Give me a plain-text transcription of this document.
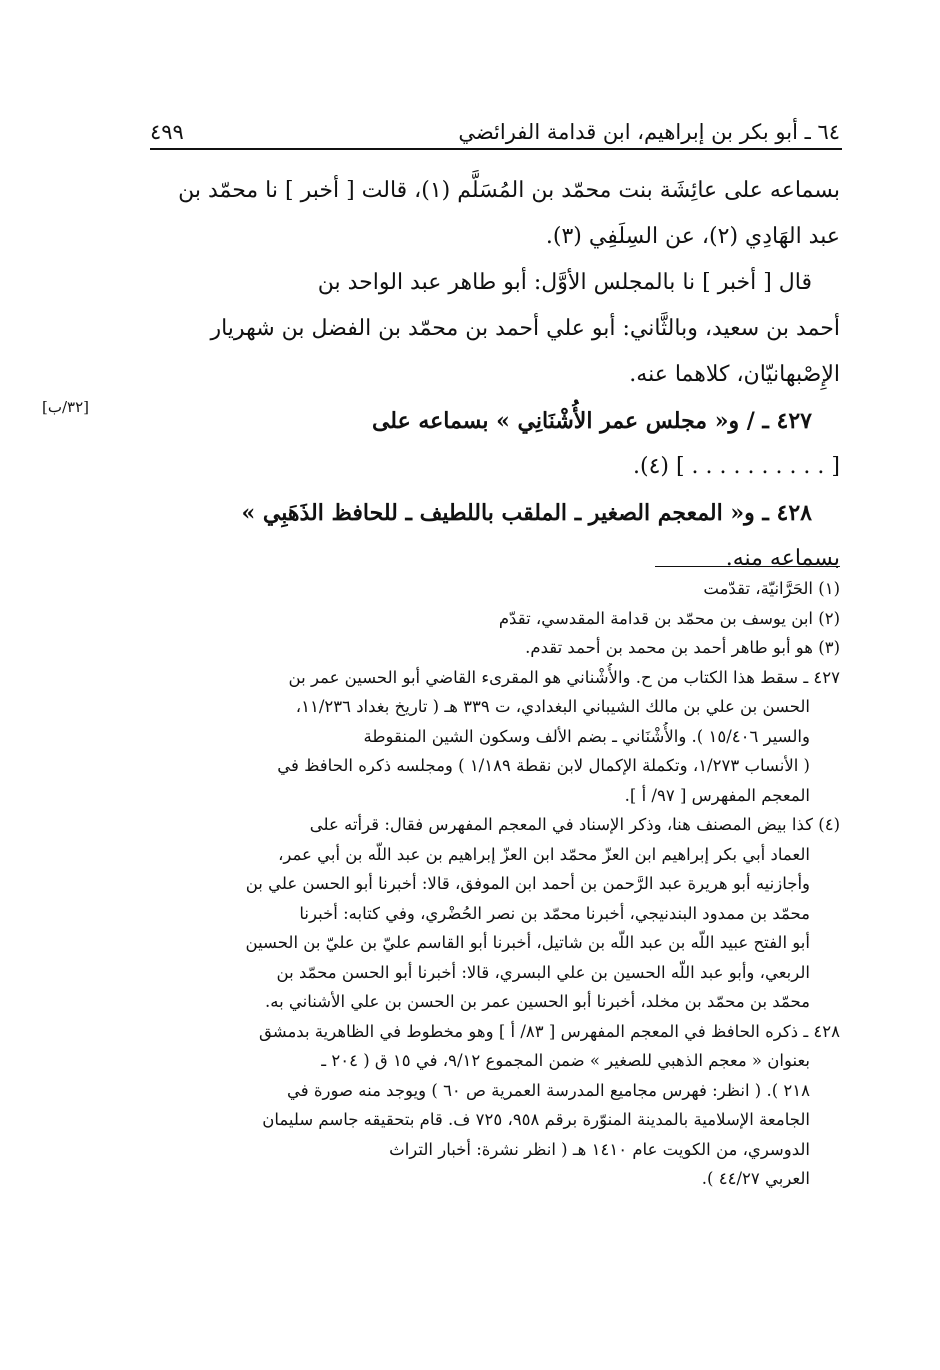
٦٤ ـ أبو بكر بن إبراهيم، ابن قدامة الفرائضي
٤٩٩
[٣٢/ب]
بسماعه على عائِشَة بنت محمّد بن المُسَلَّم (١)، قالت [ أخبر ] نا محمّد بن
عبد الهَادِي (٢)، عن السِلَفِي (٣).
قال [ أخبر ] نا بالمجلس الأوَّل: أبو طاهر عبد الواحد بن
أحمد بن سعيد، وبالثَّاني: أبو علي أحمد بن محمّد بن الفضل بن شهريار
الإِصْبهانيّان، كلاهما عنه.
٤٢٧ ـ / و« مجلس عمر الأُشْنَانِي » بسماعه على
[ . . . . . . . . . . ] (٤).
٤٢٨ ـ و« المعجم الصغير ـ الملقب باللطيف ـ للحافظ الذَهَبِي »
بسماعه منه.
(١) الحَرَّانيّة، تقدّمت
(٢) ابن يوسف بن محمّد بن قدامة المقدسي، تقدّم
(٣) هو أبو طاهر أحمد بن محمد بن أحمد تقدم.
٤٢٧ ـ سقط هذا الكتاب من ح. والأُشْناني هو المقرىء القاضي أبو الحسين عمر بن
الحسن بن علي بن مالك الشيباني البغدادي، ت ٣٣٩ هـ ( تاريخ بغداد ١١/٢٣٦،
والسير ١٥/٤٠٦ ). والأُشْنَاني ـ بضم الألف وسكون الشين المنقوطة
( الأنساب ١/٢٧٣، وتكملة الإكمال لابن نقطة ١/١٨٩ ) ومجلسه ذكره الحافظ في
المعجم المفهرس [ ٩٧/ أ ].
(٤) كذا بيض المصنف هنا، وذكر الإسناد في المعجم المفهرس فقال: قرأته على
العماد أبي بكر إبراهيم ابن العزّ محمّد ابن العزّ إبراهيم بن عبد اللّه بن أبي عمر،
وأجازنيه أبو هريرة عبد الرَّحمن بن أحمد ابن الموفق، قالا: أخبرنا أبو الحسن علي بن
محمّد بن ممدود البندنيجي، أخبرنا محمّد بن نصر الحُضْري، وفي كتابه: أخبرنا
أبو الفتح عبيد اللّه بن عبد اللّه بن شاتيل، أخبرنا أبو القاسم عليّ بن عليّ بن الحسين
الربعي، وأبو عبد اللّه الحسين بن علي البسري، قالا: أخبرنا أبو الحسن محمّد بن
محمّد بن محمّد بن مخلد، أخبرنا أبو الحسين عمر بن الحسن بن علي الأشناني به.
٤٢٨ ـ ذكره الحافظ في المعجم المفهرس [ ٨٣/ أ ] وهو مخطوط في الظاهرية بدمشق
بعنوان « معجم الذهبي للصغير » ضمن المجموع ٩/١٢، في ١٥ ق ( ٢٠٤ ـ
٢١٨ ). ( انظر: فهرس مجاميع المدرسة العمرية ص ٦٠ ) ويوجد منه صورة في
الجامعة الإسلامية بالمدينة المنوّرة برقم ٩٥٨، ٧٢٥ ف. قام بتحقيقه جاسم سليمان
الدوسري، من الكويت عام ١٤١٠ هـ ( انظر نشرة: أخبار التراث
العربي ٤٤/٢٧ ).
